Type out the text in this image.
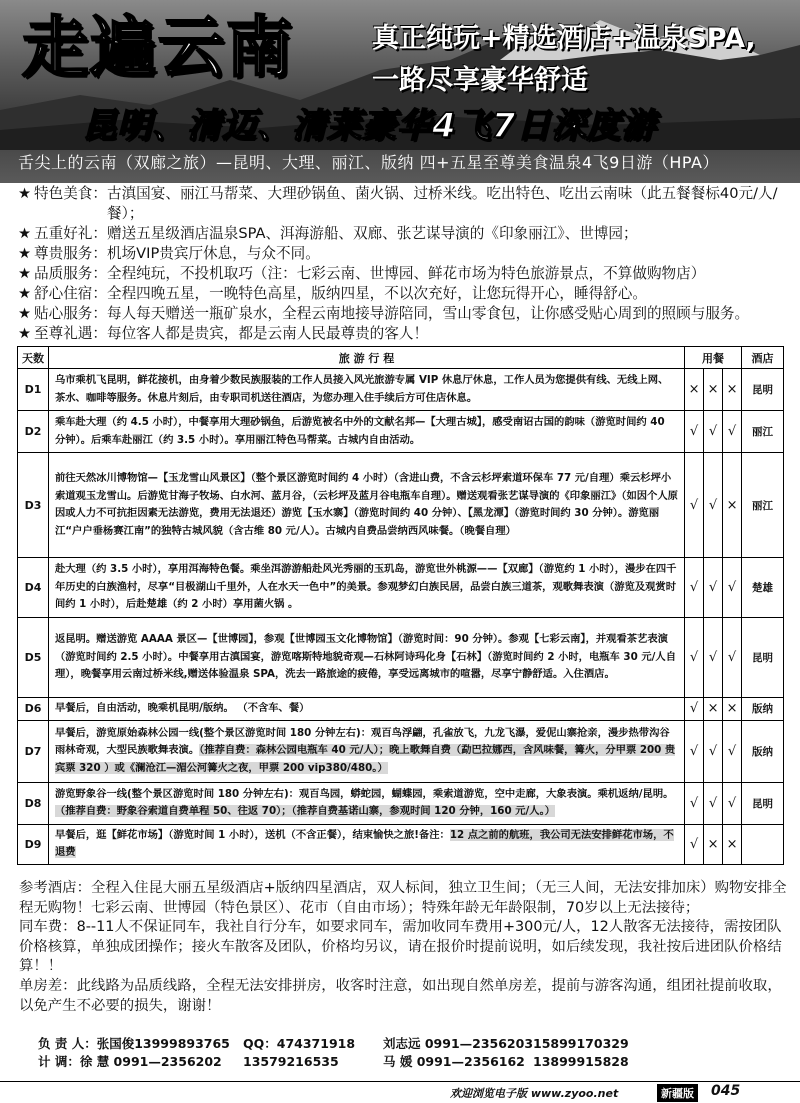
走遍云南	真正纯玩+精选酒店+温泉SPA,
一路尽享豪华舒适
昆明、清迈、清莱豪华4飞7日深度游
舌尖上的云南（双廊之旅）—昆明、大理、丽江、版纳 四+五星至尊美食温泉4飞9日游（HPA）
★ 特色美食： 古滇国宴、丽江马帮菜、大理砂锅鱼、菌火锅、过桥米线。吃出特色、吃出云南味（此五餐餐标40元/人/餐）；
★ 五重好礼： 赠送五星级酒店温泉SPA、洱海游船、双廊、张艺谋导演的《印象丽江》、世博园；
★ 尊贵服务： 机场VIP贵宾厅休息，与众不同。
★ 品质服务： 全程纯玩，不投机取巧（注：七彩云南、世博园、鲜花市场为特色旅游景点，不算做购物店）
★ 舒心住宿： 全程四晚五星，一晚特色高星，版纳四星，不以次充好，让您玩得开心，睡得舒心。
★ 贴心服务： 每人每天赠送一瓶矿泉水，全程云南地接导游陪同，雪山零食包，让你感受贴心周到的照顾与服务。
★ 至尊礼遇： 每位客人都是贵宾，都是云南人民最尊贵的客人！
天数	旅 游 行 程	用餐			酒店
D1	乌市乘机飞昆明，鲜花接机，由身着少数民族服装的工作人员接入风光旅游专属 VIP 休息厅休息，工作人员为您提供有线、无线上网、茶水、咖啡等服务。休息片刻后，由专职司机送往酒店，为您办理入住手续后方可住店休息。	×	×	×	昆明
D2	乘车赴大理（约 4.5 小时），中餐享用大理砂锅鱼，后游览被名中外的文献名邦—【大理古城】，感受南诏古国的韵味（游览时间约 40 分钟）。后乘车赴丽江（约 3.5 小时）。享用丽江特色马帮菜。古城内自由活动。	√	√	√	丽江
D3	前往天然冰川博物馆—【玉龙雪山风景区】（整个景区游览时间约 4 小时）（含进山费，不含云杉坪索道环保车 77 元/自理）乘云杉坪小索道观玉龙雪山。后游览甘海子牧场、白水河、蓝月谷，（云杉坪及蓝月谷电瓶车自理）。赠送观看张艺谋导演的《印象丽江》（如因个人原因或人力不可抗拒因素无法游览，费用无法退还）游览【玉水寨】（游览时间约 40 分钟）、【黑龙潭】（游览时间约 30 分钟）。游览丽江“户户垂杨赛江南”的独特古城风貌（含古维 80 元/人）。古城内自费品尝纳西风味餐。（晚餐自理）	√	√	×	丽江
D4	赴大理（约 3.5 小时），享用洱海特色餐。乘坐洱游游船赴风光秀丽的玉玑岛，游览世外桃源——【双廊】（游览约 1 小时），漫步在四千年历史的白族渔村，尽享“目极湖山千里外，人在水天一色中”的美景。参观梦幻白族民居，品尝白族三道茶，观歌舞表演（游览及观赏时间约 1 小时），后赴楚雄（约 2 小时）享用菌火锅 。	√	√	√	楚雄
D5	返昆明。赠送游览 AAAA 景区—【世博园】，参观【世博园玉文化博物馆】（游览时间：90 分钟）。参观【七彩云南】，并观看茶艺表演（游览时间约 2.5 小时）。中餐享用古滇国宴，游览喀斯特地貌奇观—石林阿诗玛化身【石林】（游览时间约 2 小时，电瓶车 30 元/人自理），晚餐享用云南过桥米线,赠送体验温泉 SPA，洗去一路旅途的疲倦，享受远离城市的喧嚣，尽享宁静舒适。入住酒店。	√	√	√	昆明
D6	早餐后，自由活动，晚乘机昆明/版纳。 （不含车、餐）	√	×	×	版纳
D7	早餐后，游览原始森林公园一线(整个景区游览时间 180 分钟左右)：观百鸟浮翩，孔雀放飞，九龙飞瀑，爱伲山寨抢亲，漫步热带沟谷雨林奇观，大型民族歌舞表演。（推荐自费：森林公园电瓶车 40 元/人）；晚上歌舞自费（勐巴拉娜西，含风味餐，篝火，分甲票 200 贵宾票 320 ）或《澜沧江—湄公河篝火之夜，甲票 200 vip380/480。）	√	√	√	版纳
D8	游览野象谷一线(整个景区游览时间 180 分钟左右)：观百鸟园，蟒蛇园，蝴蝶园，乘索道游览，空中走廊，大象表演。乘机返纳/昆明。（推荐自费：野象谷索道自费单程 50、往返 70）；（推荐自费基诺山寨，参观时间 120 分钟，160 元/人。）	√	√	√	昆明
D9	早餐后，逛【鲜花市场】（游览时间 1 小时），送机（不含正餐），结束愉快之旅!备注：12 点之前的航班，我公司无法安排鲜花市场，不退费	√	×	×	

参考酒店：全程入住昆大丽五星级酒店+版纳四星酒店，双人标间，独立卫生间；（无三人间，无法安排加床）购物安排全程无购物！七彩云南、世博园（特色景区）、花市（自由市场）；特殊年龄无年龄限制，70岁以上无法接待；

同车费：8--11人不保证同车，我社自行分车，如要求同车，需加收同车费用+300元/人，12人散客无法接待，需按团队价格核算，单独成团操作；接火车散客及团队，价格均另议，请在报价时提前说明，如后续发现，我社按后进团队价格结算！！

单房差：此线路为品质线路，全程无法安排拼房，收客时注意，如出现自然单房差，提前与游客沟通，组团社提前收取，以免产生不必要的损失，谢谢！

负 责 人：张国俊13999893765 QQ：474371918 刘志远 0991—235620315899170329
计 调：徐 慧 0991—2356202 13579216535	马 媛 0991—2356162 13899915828
欢迎浏览电子版 www.zyoo.net	新疆版 045
